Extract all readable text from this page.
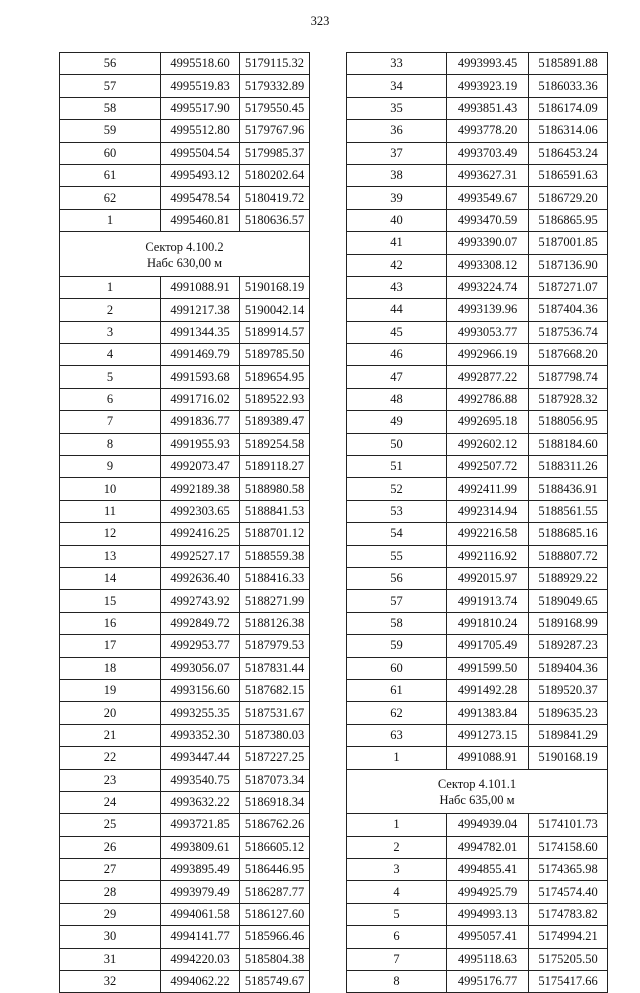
323
56	4995518.60	5179115.32
57	4995519.83	5179332.89
58	4995517.90	5179550.45
59	4995512.80	5179767.96
60	4995504.54	5179985.37
61	4995493.12	5180202.64
62	4995478.54	5180419.72
1	4995460.81	5180636.57

Сектор 4.100.2
Набс 630,00 м		

1	4991088.91	5190168.19
2	4991217.38	5190042.14
3	4991344.35	5189914.57
4	4991469.79	5189785.50
5	4991593.68	5189654.95
6	4991716.02	5189522.93
7	4991836.77	5189389.47
8	4991955.93	5189254.58
9	4992073.47	5189118.27
10	4992189.38	5188980.58
11	4992303.65	5188841.53
12	4992416.25	5188701.12
13	4992527.17	5188559.38
14	4992636.40	5188416.33
15	4992743.92	5188271.99
16	4992849.72	5188126.38
17	4992953.77	5187979.53
18	4993056.07	5187831.44
19	4993156.60	5187682.15
20	4993255.35	5187531.67
21	4993352.30	5187380.03
22	4993447.44	5187227.25
23	4993540.75	5187073.34
24	4993632.22	5186918.34
25	4993721.85	5186762.26
26	4993809.61	5186605.12
27	4993895.49	5186446.95
28	4993979.49	5186287.77
29	4994061.58	5186127.60
30	4994141.77	5185966.46
31	4994220.03	5185804.38
32	4994062.22	5185749.67
33	4993993.45	5185891.88
34	4993923.19	5186033.36
35	4993851.43	5186174.09
36	4993778.20	5186314.06
37	4993703.49	5186453.24
38	4993627.31	5186591.63
39	4993549.67	5186729.20
40	4993470.59	5186865.95
41	4993390.07	5187001.85
42	4993308.12	5187136.90
43	4993224.74	5187271.07
44	4993139.96	5187404.36
45	4993053.77	5187536.74
46	4992966.19	5187668.20
47	4992877.22	5187798.74
48	4992786.88	5187928.32
49	4992695.18	5188056.95
50	4992602.12	5188184.60
51	4992507.72	5188311.26
52	4992411.99	5188436.91
53	4992314.94	5188561.55
54	4992216.58	5188685.16
55	4992116.92	5188807.72
56	4992015.97	5188929.22
57	4991913.74	5189049.65
58	4991810.24	5189168.99
59	4991705.49	5189287.23
60	4991599.50	5189404.36
61	4991492.28	5189520.37
62	4991383.84	5189635.23
63	4991273.15	5189841.29
1	4991088.91	5190168.19

Сектор 4.101.1
Набс 635,00 м		

1	4994939.04	5174101.73
2	4994782.01	5174158.60
3	4994855.41	5174365.98
4	4994925.79	5174574.40
5	4994993.13	5174783.82
6	4995057.41	5174994.21
7	4995118.63	5175205.50
8	4995176.77	5175417.66
